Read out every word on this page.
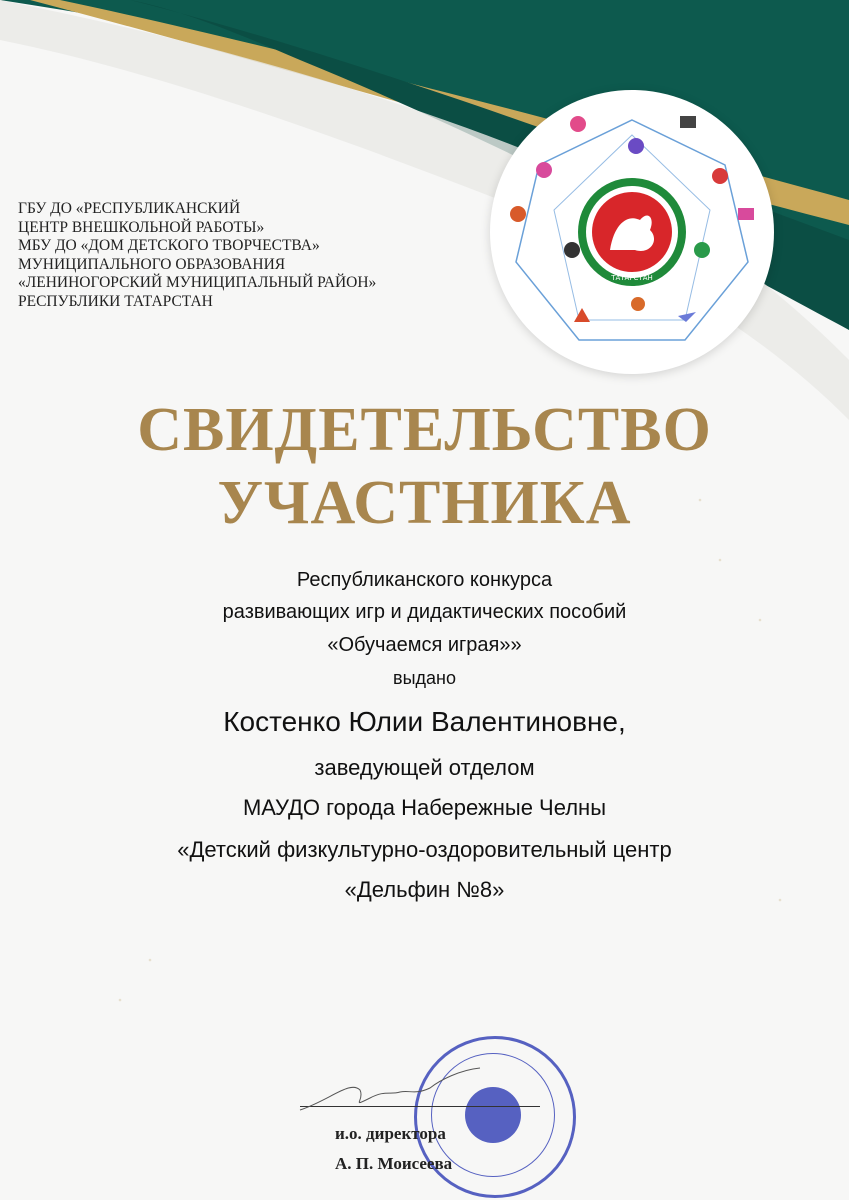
ГБУ ДО «РЕСПУБЛИКАНСКИЙ
ЦЕНТР ВНЕШКОЛЬНОЙ РАБОТЫ»
МБУ ДО «ДОМ ДЕТСКОГО ТВОРЧЕСТВА»
МУНИЦИПАЛЬНОГО ОБРАЗОВАНИЯ
«ЛЕНИНОГОРСКИЙ МУНИЦИПАЛЬНЫЙ РАЙОН»
РЕСПУБЛИКИ ТАТАРСТАН
ТАТАРСТАН
СВИДЕТЕЛЬСТВО
УЧАСТНИКА
Республиканского конкурса
развивающих игр и дидактических пособий
«Обучаемся играя»»
выдано
Костенко Юлии Валентиновне,
заведующей отделом
МАУДО города Набережные Челны
«Детский физкультурно-оздоровительный центр
«Дельфин №8»
и.о. директора
А. П. Моисеева
